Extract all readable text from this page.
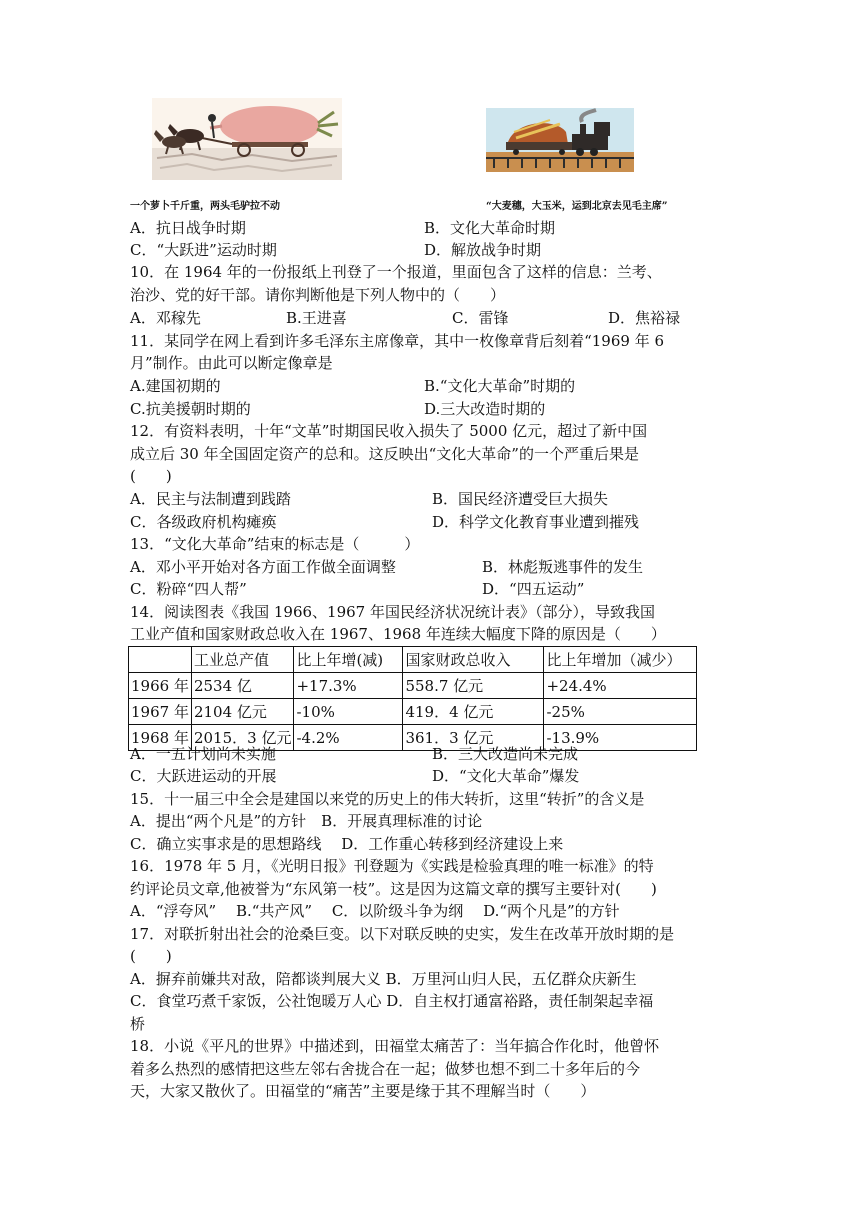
一个萝卜千斤重，两头毛驴拉不动	“大麦穗，大玉米，运到北京去见毛主席”
A．抗日战争时期	B．文化大革命时期
C．“大跃进”运动时期	D．解放战争时期
10．在 1964 年的一份报纸上刊登了一个报道，里面包含了这样的信息：兰考、
治沙、党的好干部。请你判断他是下列人物中的（　　）
A．邓稼先	B.王进喜	C．雷锋	D．焦裕禄
11．某同学在网上看到许多毛泽东主席像章，其中一枚像章背后刻着“1969 年 6
月”制作。由此可以断定像章是
A.建国初期的	B.“文化大革命”时期的
C.抗美援朝时期的	D.三大改造时期的
12．有资料表明，十年“文革”时期国民收入损失了 5000 亿元，超过了新中国
成立后 30 年全国固定资产的总和。这反映出“文化大革命”的一个严重后果是
(　　)
A．民主与法制遭到践踏	B．国民经济遭受巨大损失
C．各级政府机构瘫痪	D．科学文化教育事业遭到摧残
13．“文化大革命”结束的标志是（　　　）
A．邓小平开始对各方面工作做全面调整	B．林彪叛逃事件的发生
C．粉碎“四人帮”	D．“四五运动”
14．阅读图表《我国 1966、1967 年国民经济状况统计表》（部分），导致我国
工业产值和国家财政总收入在 1967、1968 年连续大幅度下降的原因是（　　）
	工业总产值	比上年增(减)	国家财政总收入	比上年增加（减少）
1966 年	2534 亿	+17.3%	558.7 亿元	+24.4%
1967 年	2104 亿元	-10%	419．4 亿元	-25%
1968 年	2015．3 亿元	-4.2%	361．3 亿元	-13.9%
A．一五计划尚未实施	B．三大改造尚未完成
C．大跃进运动的开展	D．“文化大革命”爆发
15．十一届三中全会是建国以来党的历史上的伟大转折，这里“转折”的含义是
A．提出“两个凡是”的方针　B．开展真理标准的讨论
C．确立实事求是的思想路线　 D．工作重心转移到经济建设上来
16．1978 年 5 月，《光明日报》刊登题为《实践是检验真理的唯一标准》的特
约评论员文章,他被誉为“东风第一枝”。这是因为这篇文章的撰写主要针对(　　)
A．“浮夸风”　 B.“共产风”　 C．以阶级斗争为纲　 D.“两个凡是”的方针
17．对联折射出社会的沧桑巨变。以下对联反映的史实，发生在改革开放时期的是
(　　)
A．摒弃前嫌共对敌，陪都谈判展大义 B．万里河山归人民，五亿群众庆新生
C．食堂巧煮千家饭，公社饱暖万人心 D．自主权打通富裕路，责任制架起幸福
桥
18．小说《平凡的世界》中描述到，田福堂太痛苦了：当年搞合作化时，他曾怀
着多么热烈的感情把这些左邻右舍拢合在一起；做梦也想不到二十多年后的今
天，大家又散伙了。田福堂的“痛苦”主要是缘于其不理解当时（　　）
